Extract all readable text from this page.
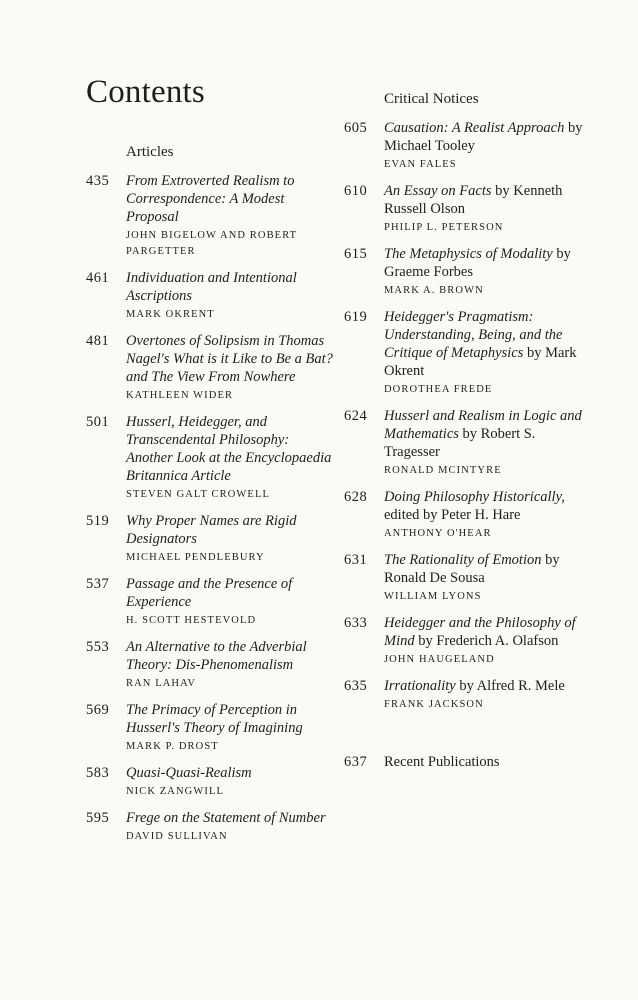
Contents
Articles
435	From Extroverted Realism to Correspondence: A Modest Proposal
JOHN BIGELOW AND ROBERT PARGETTER
461	Individuation and Intentional Ascriptions
MARK OKRENT
481	Overtones of Solipsism in Thomas Nagel's What is it Like to Be a Bat? and The View From Nowhere
KATHLEEN WIDER
501	Husserl, Heidegger, and Transcendental Philosophy: Another Look at the Encyclopaedia Britannica Article
STEVEN GALT CROWELL
519	Why Proper Names are Rigid Designators
MICHAEL PENDLEBURY
537	Passage and the Presence of Experience
H. SCOTT HESTEVOLD
553	An Alternative to the Adverbial Theory: Dis-Phenomenalism
RAN LAHAV
569	The Primacy of Perception in Husserl's Theory of Imagining
MARK P. DROST
583	Quasi-Quasi-Realism
NICK ZANGWILL
595	Frege on the Statement of Number
DAVID SULLIVAN
Critical Notices
605	Causation: A Realist Approach by Michael Tooley
EVAN FALES
610	An Essay on Facts by Kenneth Russell Olson
PHILIP L. PETERSON
615	The Metaphysics of Modality by Graeme Forbes
MARK A. BROWN
619	Heidegger's Pragmatism: Understanding, Being, and the Critique of Metaphysics by Mark Okrent
DOROTHEA FREDE
624	Husserl and Realism in Logic and Mathematics by Robert S. Tragesser
RONALD MCINTYRE
628	Doing Philosophy Historically, edited by Peter H. Hare
ANTHONY O'HEAR
631	The Rationality of Emotion by Ronald De Sousa
WILLIAM LYONS
633	Heidegger and the Philosophy of Mind by Frederich A. Olafson
JOHN HAUGELAND
635	Irrationality by Alfred R. Mele
FRANK JACKSON
637	Recent Publications
